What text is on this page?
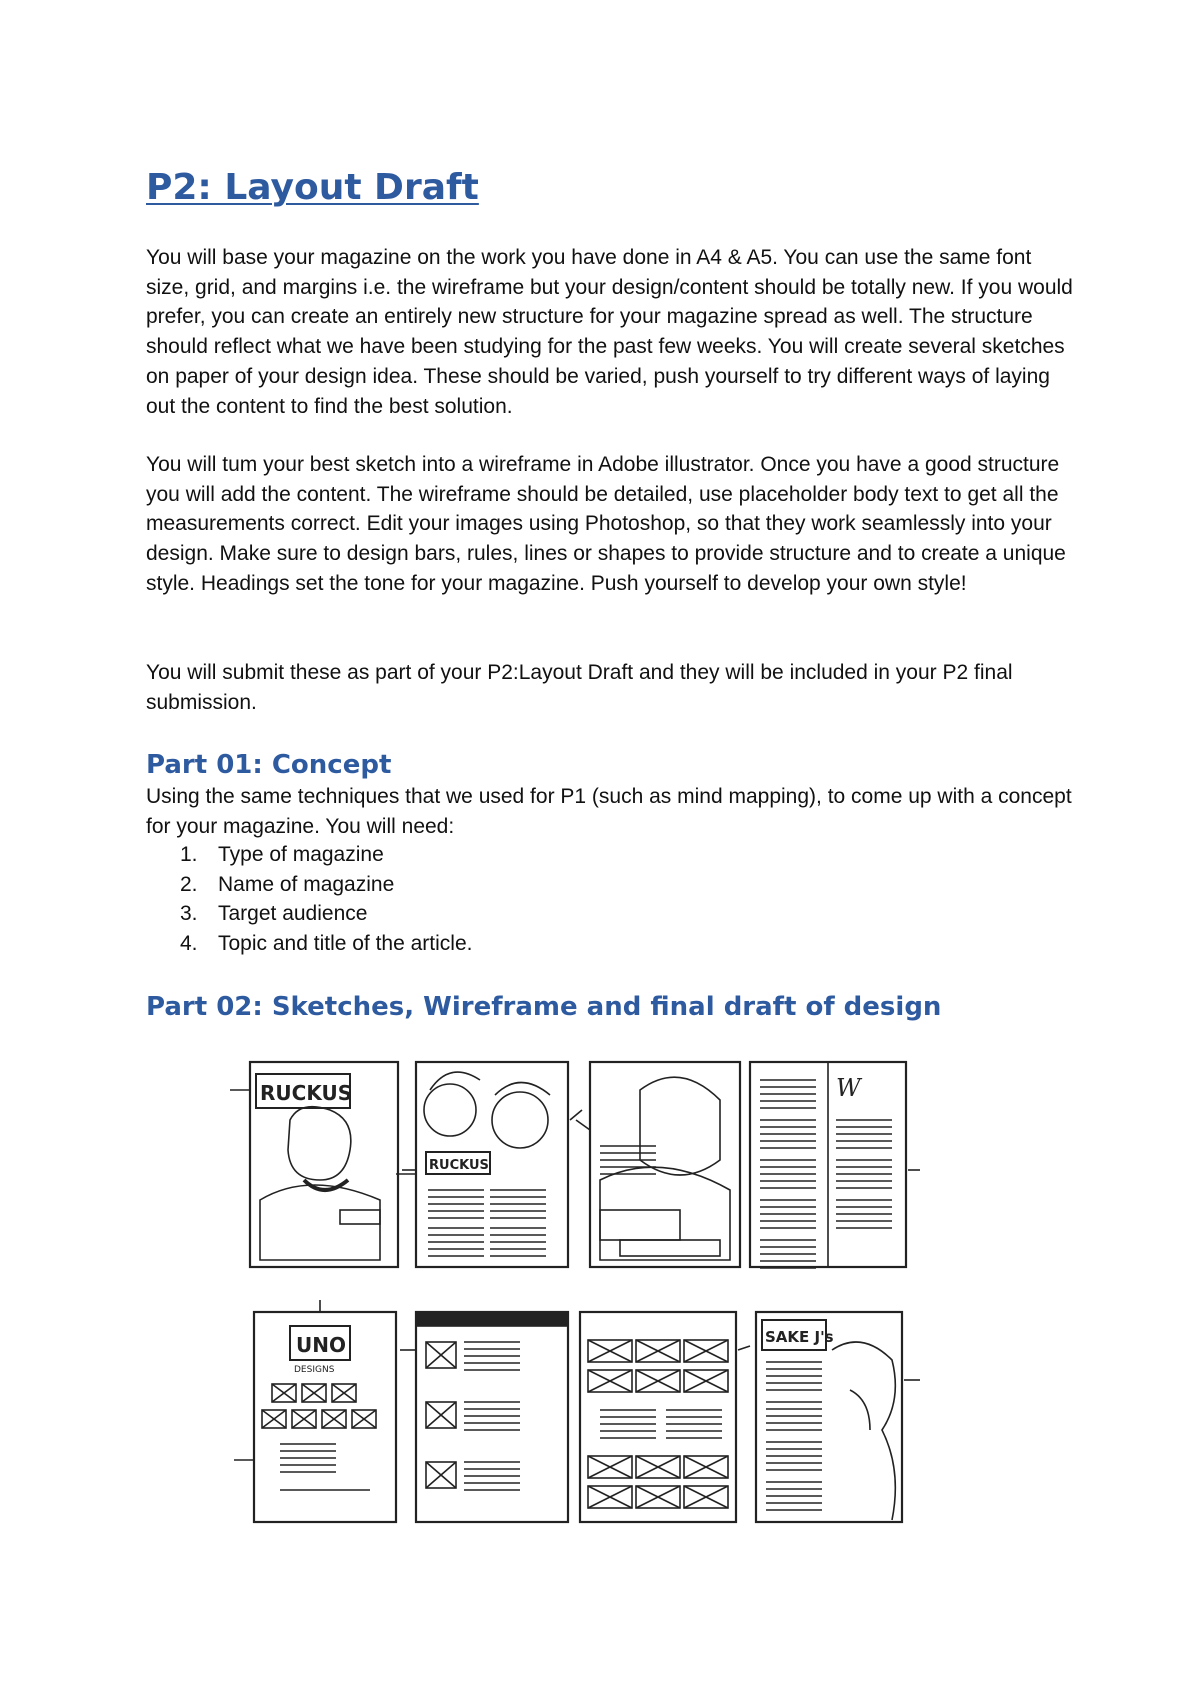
P2: Layout Draft

You will base your magazine on the work you have done in A4 & A5. You can use the same font size, grid, and margins i.e. the wireframe but your design/content should be totally new. If you would prefer, you can create an entirely new structure for your magazine spread as well. The structure should reflect what we have been studying for the past few weeks. You will create several sketches on paper of your design idea. These should be varied, push yourself to try different ways of laying out the content to find the best solution.

You will tum your best sketch into a wireframe in Adobe illustrator. Once you have a good structure you will add the content. The wireframe should be detailed, use placeholder body text to get all the measurements correct. Edit your images using Photoshop, so that they work seamlessly into your design. Make sure to design bars, rules, lines or shapes to provide structure and to create a unique style. Headings set the tone for your magazine. Push yourself to develop your own style!

You will submit these as part of your P2:Layout Draft and they will be included in your P2 final submission.

Part 01: Concept

Using the same techniques that we used for P1 (such as mind mapping), to come up with a concept for your magazine. You will need:

1. Type of magazine
2. Name of magazine
3. Target audience
4. Topic and title of the article.
Part 02: Sketches, Wireframe and final draft of design
RUCKUS
RUCKUS
W
UNO
DESIGNS
SAKE J's
